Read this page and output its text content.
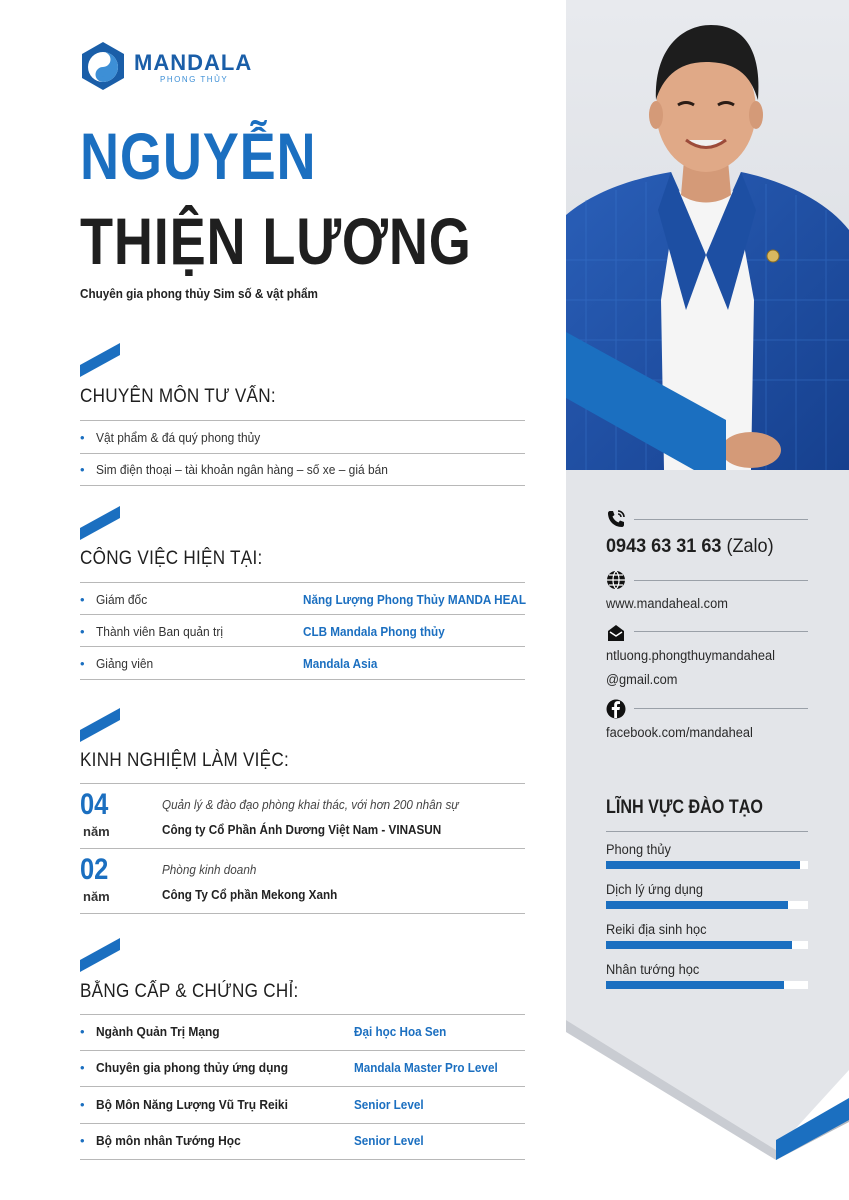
MANDALA
PHONG THỦY
NGUYỄN
THIỆN LƯƠNG
Chuyên gia phong thủy Sim số & vật phẩm
CHUYÊN MÔN TƯ VẤN:
• Vật phẩm & đá quý phong thủy
• Sim điện thoại – tài khoản ngân hàng – số xe – giá bán
CÔNG VIỆC HIỆN TẠI:
• Giám đốc	Năng Lượng Phong Thủy MANDA HEAL
• Thành viên Ban quản trị	CLB Mandala Phong thủy
• Giảng viên	Mandala Asia
KINH NGHIỆM LÀM VIỆC:
04
năm
Quản lý & đào đạo phòng khai thác, với hơn 200 nhân sự
Công ty Cổ Phần Ánh Dương Việt Nam - VINASUN
02
năm
Phòng kinh doanh
Công Ty Cổ phần Mekong Xanh
BẰNG CẤP & CHỨNG CHỈ:
• Ngành Quản Trị Mạng	Đại học Hoa Sen
• Chuyên gia phong thủy ứng dụng	Mandala Master Pro Level
• Bộ Môn Năng Lượng Vũ Trụ Reiki	Senior Level
• Bộ môn nhân Tướng Học	Senior Level
0943 63 31 63 (Zalo)
www.mandaheal.com
ntluong.phongthuymandaheal
@gmail.com
facebook.com/mandaheal
LĨNH VỰC ĐÀO TẠO
Phong thủy
Dịch lý ứng dụng
Reiki địa sinh học
Nhân tướng học
